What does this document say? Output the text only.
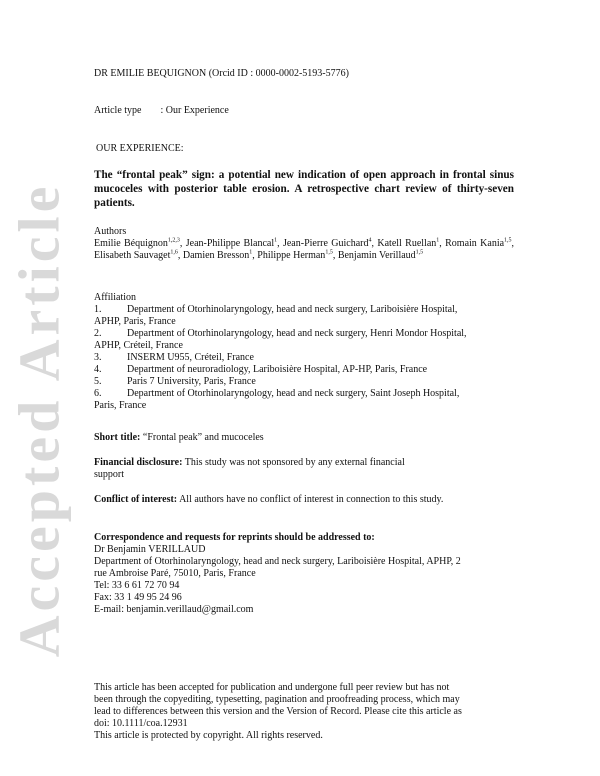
Accepted Article
DR EMILIE BEQUIGNON (Orcid ID : 0000-0002-5193-5776)
Article type : Our Experience
OUR EXPERIENCE:
The “frontal peak” sign: a potential new indication of open approach in frontal sinus mucoceles with posterior table erosion. A retrospective chart review of thirty-seven patients.
Authors
Emilie Béquignon$^{1,2,3}$, Jean-Philippe Blancal$^1$, Jean-Pierre Guichard$^4$, Katell Ruellan$^1$, Romain Kania$^{1,5}$, Elisabeth Sauvaget$^{1,6}$, Damien Bresson$^1$, Philippe Herman$^{1,5}$, Benjamin Verillaud$^{1,5}$
Affiliation
1.	Department of Otorhinolaryngology, head and neck surgery, Lariboisière Hospital,
APHP, Paris, France
2.	Department of Otorhinolaryngology, head and neck surgery, Henri Mondor Hospital,
APHP, Créteil, France
3.	INSERM U955, Créteil, France
4.	Department of neuroradiology, Lariboisière Hospital, AP-HP, Paris, France
5.	Paris 7 University, Paris, France
6.	Department of Otorhinolaryngology, head and neck surgery, Saint Joseph Hospital,
Paris, France
Short title: “Frontal peak” and mucoceles
Financial disclosure: This study was not sponsored by any external financial
support
Conflict of interest: All authors have no conflict of interest in connection to this study.
Correspondence and requests for reprints should be addressed to:
Dr Benjamin VERILLAUD
Department of Otorhinolaryngology, head and neck surgery, Lariboisière Hospital, APHP, 2
rue Ambroise Paré, 75010, Paris, France
Tel: 33 6 61 72 70 94
Fax: 33 1 49 95 24 96
E-mail: benjamin.verillaud@gmail.com
This article has been accepted for publication and undergone full peer review but has not
been through the copyediting, typesetting, pagination and proofreading process, which may
lead to differences between this version and the Version of Record. Please cite this article as
doi: 10.1111/coa.12931
This article is protected by copyright. All rights reserved.
